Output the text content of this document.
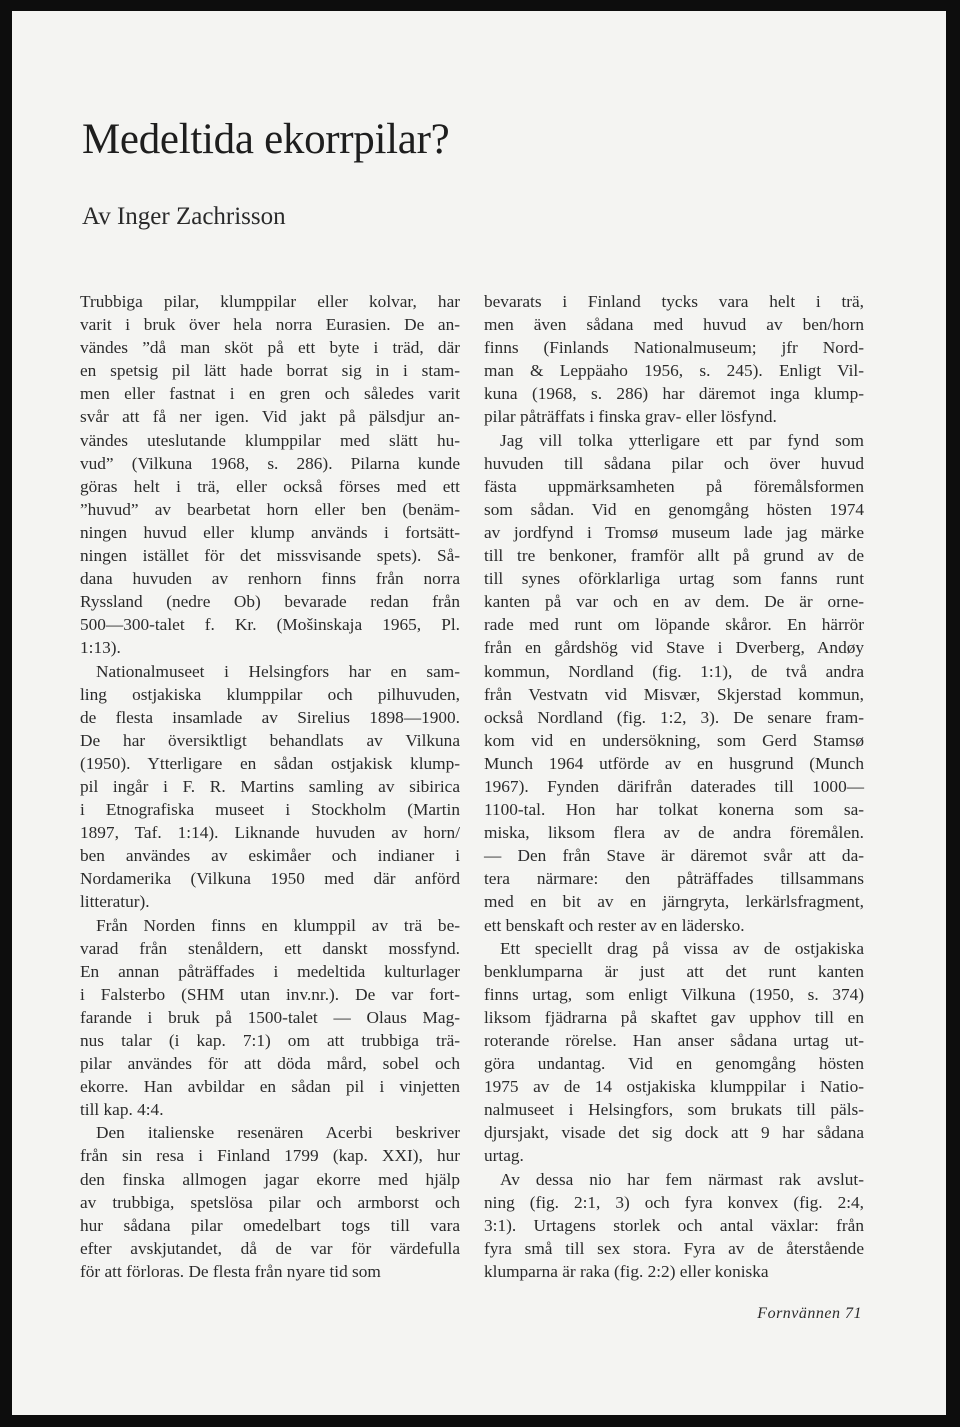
Medeltida ekorrpilar?
Av Inger Zachrisson
Trubbiga pilar, klumppilar eller kolvar, har
varit i bruk över hela norra Eurasien. De an-
vändes ”då man sköt på ett byte i träd, där
en spetsig pil lätt hade borrat sig in i stam-
men eller fastnat i en gren och således varit
svår att få ner igen. Vid jakt på pälsdjur an-
vändes uteslutande klumppilar med slätt hu-
vud” (Vilkuna 1968, s. 286). Pilarna kunde
göras helt i trä, eller också förses med ett
”huvud” av bearbetat horn eller ben (benäm-
ningen huvud eller klump används i fortsätt-
ningen istället för det missvisande spets). Så-
dana huvuden av renhorn finns från norra
Ryssland (nedre Ob) bevarade redan från
500—300-talet f. Kr. (Mošinskaja 1965, Pl.
1:13).
Nationalmuseet i Helsingfors har en sam-
ling ostjakiska klumppilar och pilhuvuden,
de flesta insamlade av Sirelius 1898—1900.
De har översiktligt behandlats av Vilkuna
(1950). Ytterligare en sådan ostjakisk klump-
pil ingår i F. R. Martins samling av sibirica
i Etnografiska museet i Stockholm (Martin
1897, Taf. 1:14). Liknande huvuden av horn/
ben användes av eskimåer och indianer i
Nordamerika (Vilkuna 1950 med där anförd
litteratur).
Från Norden finns en klumppil av trä be-
varad från stenåldern, ett danskt mossfynd.
En annan påträffades i medeltida kulturlager
i Falsterbo (SHM utan inv.nr.). De var fort-
farande i bruk på 1500-talet — Olaus Mag-
nus talar (i kap. 7:1) om att trubbiga trä-
pilar användes för att döda mård, sobel och
ekorre. Han avbildar en sådan pil i vinjetten
till kap. 4:4.
Den italienske resenären Acerbi beskriver
från sin resa i Finland 1799 (kap. XXI), hur
den finska allmogen jagar ekorre med hjälp
av trubbiga, spetslösa pilar och armborst och
hur sådana pilar omedelbart togs till vara
efter avskjutandet, då de var för värdefulla
för att förloras. De flesta från nyare tid som
bevarats i Finland tycks vara helt i trä,
men även sådana med huvud av ben/horn
finns (Finlands Nationalmuseum; jfr Nord-
man & Leppäaho 1956, s. 245). Enligt Vil-
kuna (1968, s. 286) har däremot inga klump-
pilar påträffats i finska grav- eller lösfynd.
Jag vill tolka ytterligare ett par fynd som
huvuden till sådana pilar och över huvud
fästa uppmärksamheten på föremålsformen
som sådan. Vid en genomgång hösten 1974
av jordfynd i Tromsø museum lade jag märke
till tre benkoner, framför allt på grund av de
till synes oförklarliga urtag som fanns runt
kanten på var och en av dem. De är orne-
rade med runt om löpande skåror. En härrör
från en gårdshög vid Stave i Dverberg, Andøy
kommun, Nordland (fig. 1:1), de två andra
från Vestvatn vid Misvær, Skjerstad kommun,
också Nordland (fig. 1:2, 3). De senare fram-
kom vid en undersökning, som Gerd Stamsø
Munch 1964 utförde av en husgrund (Munch
1967). Fynden därifrån daterades till 1000—
1100-tal. Hon har tolkat konerna som sa-
miska, liksom flera av de andra föremålen.
— Den från Stave är däremot svår att da-
tera närmare: den påträffades tillsammans
med en bit av en järngryta, lerkärlsfragment,
ett benskaft och rester av en lädersko.
Ett speciellt drag på vissa av de ostjakiska
benklumparna är just att det runt kanten
finns urtag, som enligt Vilkuna (1950, s. 374)
liksom fjädrarna på skaftet gav upphov till en
roterande rörelse. Han anser sådana urtag ut-
göra undantag. Vid en genomgång hösten
1975 av de 14 ostjakiska klumppilar i Natio-
nalmuseet i Helsingfors, som brukats till päls-
djursjakt, visade det sig dock att 9 har sådana
urtag.
Av dessa nio har fem närmast rak avslut-
ning (fig. 2:1, 3) och fyra konvex (fig. 2:4,
3:1). Urtagens storlek och antal växlar: från
fyra små till sex stora. Fyra av de återstående
klumparna är raka (fig. 2:2) eller koniska
Fornvännen 71
